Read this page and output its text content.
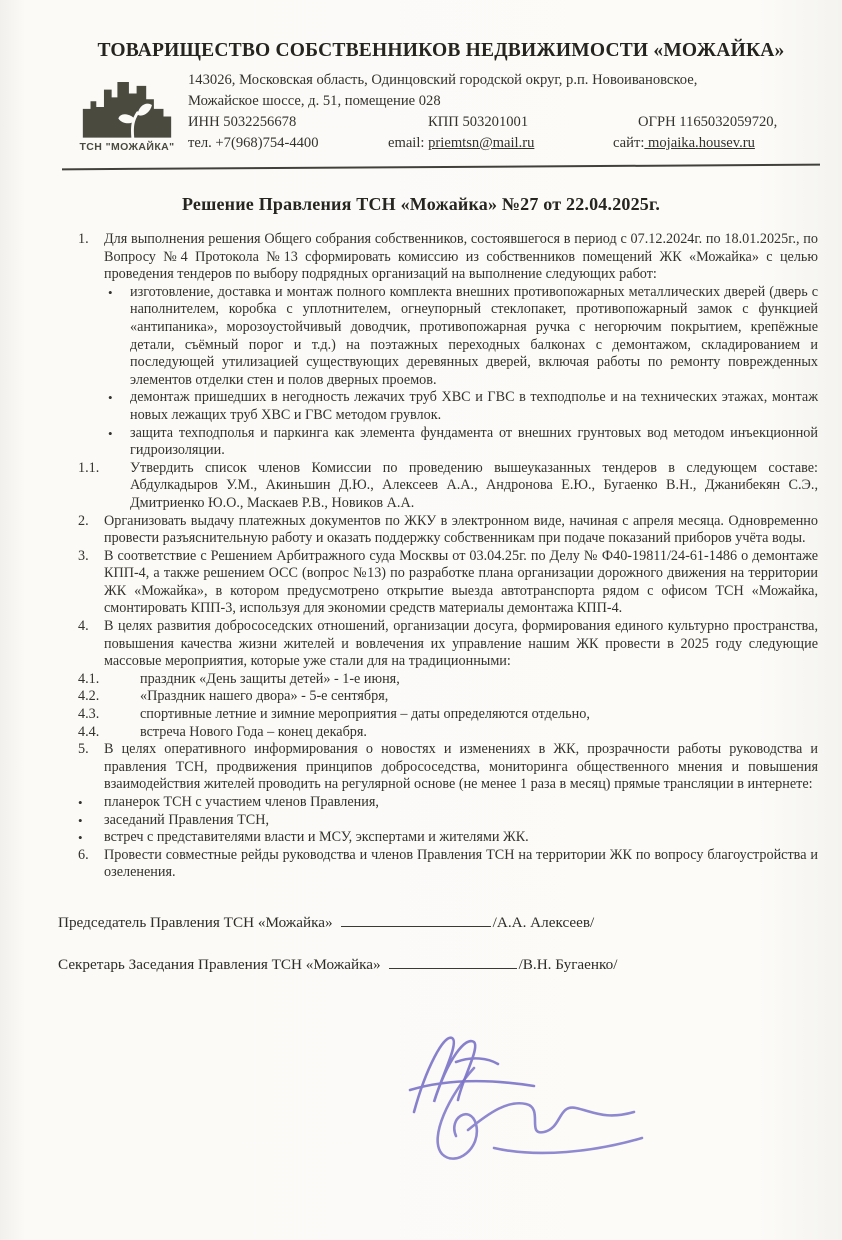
ТОВАРИЩЕСТВО СОБСТВЕННИКОВ НЕДВИЖИМОСТИ «МОЖАЙКА»
ТСН "МОЖАЙКА"
143026, Московская область, Одинцовский городской округ, р.п. Новоивановское,
Можайское шоссе, д. 51, помещение 028
ИНН 5032256678	КПП 503201001	ОГРН 1165032059720,
тел. +7(968)754-4400	email: priemtsn@mail.ru	сайт: mojaika.housev.ru
Решение Правления ТСН «Можайка» №27 от 22.04.2025г.
1.	Для выполнения решения Общего собрания собственников, состоявшегося в период с 07.12.2024г. по 18.01.2025г., по Вопросу №4 Протокола №13 сформировать комиссию из собственников помещений ЖК «Можайка» с целью проведения тендеров по выбору подрядных организаций на выполнение следующих работ:
•	изготовление, доставка и монтаж полного комплекта внешних противопожарных металлических дверей (дверь с наполнителем, коробка с уплотнителем, огнеупорный стеклопакет, противопожарный замок с функцией «антипаника», морозоустойчивый доводчик, противопожарная ручка с негорючим покрытием, крепёжные детали, съёмный порог и т.д.) на поэтажных переходных балконах с демонтажом, складированием и последующей утилизацией существующих деревянных дверей, включая работы по ремонту поврежденных элементов отделки стен и полов дверных проемов.
•	демонтаж пришедших в негодность лежачих труб ХВС и ГВС в техподполье и на технических этажах, монтаж новых лежащих труб ХВС и ГВС методом грувлок.
•	защита техподполья и паркинга как элемента фундамента от внешних грунтовых вод методом инъекционной гидроизоляции.
1.1.	Утвердить список членов Комиссии по проведению вышеуказанных тендеров в следующем составе: Абдулкадыров У.М., Акиньшин Д.Ю., Алексеев А.А., Андронова Е.Ю., Бугаенко В.Н., Джанибекян С.Э., Дмитриенко Ю.О., Маскаев Р.В., Новиков А.А.
2.	Организовать выдачу платежных документов по ЖКУ в электронном виде, начиная с апреля месяца. Одновременно провести разъяснительную работу и оказать поддержку собственникам при подаче показаний приборов учёта воды.
3.	В соответствие с Решением Арбитражного суда Москвы от 03.04.25г. по Делу № Ф40-19811/24-61-1486 о демонтаже КПП-4, а также решением ОСС (вопрос №13) по разработке плана организации дорожного движения на территории ЖК «Можайка», в котором предусмотрено открытие выезда автотранспорта рядом с офисом ТСН «Можайка, смонтировать КПП-3, используя для экономии средств материалы демонтажа КПП-4.
4.	В целях развития добрососедских отношений, организации досуга, формирования единого культурно пространства, повышения качества жизни жителей и вовлечения их управление нашим ЖК провести в 2025 году следующие массовые мероприятия, которые уже стали для на традиционными:
4.1.	праздник «День защиты детей» - 1-е июня,
4.2.	«Праздник нашего двора» - 5-е сентября,
4.3.	спортивные летние и зимние мероприятия – даты определяются отдельно,
4.4.	встреча Нового Года – конец декабря.
5.	В целях оперативного информирования о новостях и изменениях в ЖК, прозрачности работы руководства и правления ТСН, продвижения принципов добрососедства, мониторинга общественного мнения и повышения взаимодействия жителей проводить на регулярной основе (не менее 1 раза в месяц) прямые трансляции в интернете:
•	планерок ТСН с участием членов Правления,
•	заседаний Правления ТСН,
•	встреч с представителями власти и МСУ, экспертами и жителями ЖК.
6.	Провести совместные рейды руководства и членов Правления ТСН на территории ЖК по вопросу благоустройства и озеленения.
Председатель Правления ТСН «Можайка»	/А.А. Алексеев/
Секретарь Заседания Правления ТСН «Можайка»	/В.Н. Бугаенко/
